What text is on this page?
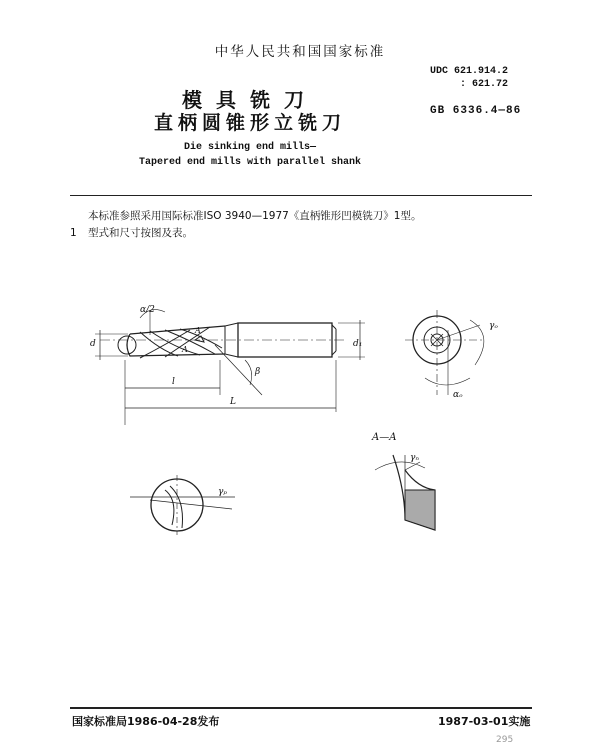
中华人民共和国国家标准
模具铣刀
直柄圆锥形立铣刀
Die sinking end mills—
Tapered end mills with parallel shank
UDC 621.914.2
: 621.72
GB 6336.4—86
本标准参照采用国际标准ISO 3940—1977《直柄锥形凹模铣刀》1型。
1 型式和尺寸按图及表。
α/2
d	d₁
l
L
β
γₒ
αₒ
A—A
γₙ
γₚ
A
A
国家标准局1986-04-28发布	1987-03-01实施
295
